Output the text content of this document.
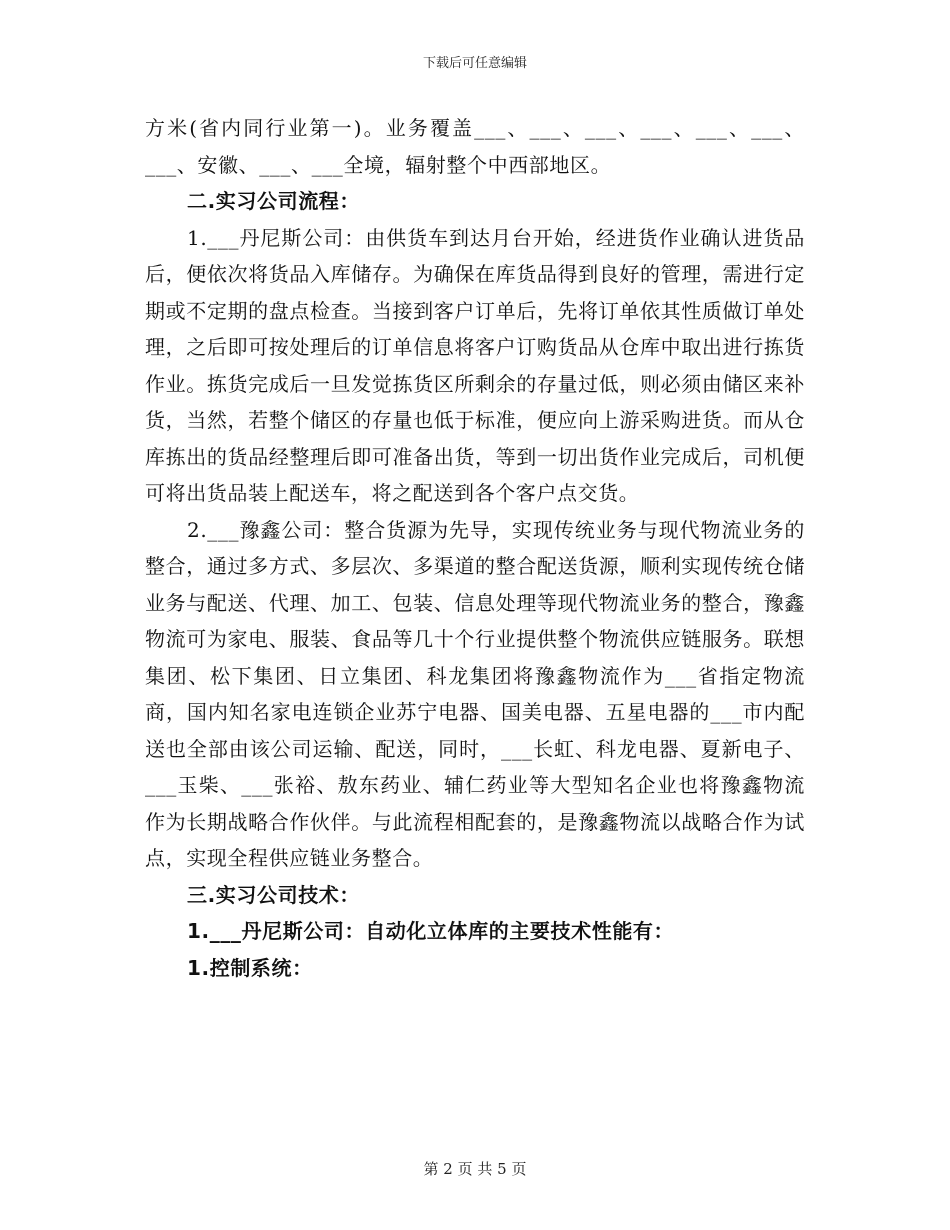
下载后可任意编辑

方米(省内同行业第一)。业务覆盖___、___、___、___、___、___、___、安徽、___、___全境，辐射整个中西部地区。

二.实习公司流程：

1.___丹尼斯公司：由供货车到达月台开始，经进货作业确认进货品后，便依次将货品入库储存。为确保在库货品得到良好的管理，需进行定期或不定期的盘点检查。当接到客户订单后，先将订单依其性质做订单处理，之后即可按处理后的订单信息将客户订购货品从仓库中取出进行拣货作业。拣货完成后一旦发觉拣货区所剩余的存量过低，则必须由储区来补货，当然，若整个储区的存量也低于标准，便应向上游采购进货。而从仓库拣出的货品经整理后即可准备出货，等到一切出货作业完成后，司机便可将出货品装上配送车，将之配送到各个客户点交货。

2.___豫鑫公司：整合货源为先导，实现传统业务与现代物流业务的整合，通过多方式、多层次、多渠道的整合配送货源，顺利实现传统仓储业务与配送、代理、加工、包装、信息处理等现代物流业务的整合，豫鑫物流可为家电、服装、食品等几十个行业提供整个物流供应链服务。联想集团、松下集团、日立集团、科龙集团将豫鑫物流作为___省指定物流商，国内知名家电连锁企业苏宁电器、国美电器、五星电器的___市内配送也全部由该公司运输、配送，同时，___长虹、科龙电器、夏新电子、___玉柴、___张裕、敖东药业、辅仁药业等大型知名企业也将豫鑫物流作为长期战略合作伙伴。与此流程相配套的，是豫鑫物流以战略合作为试点，实现全程供应链业务整合。

三.实习公司技术：

1.___丹尼斯公司：自动化立体库的主要技术性能有：

1.控制系统：

第 2 页 共 5 页
